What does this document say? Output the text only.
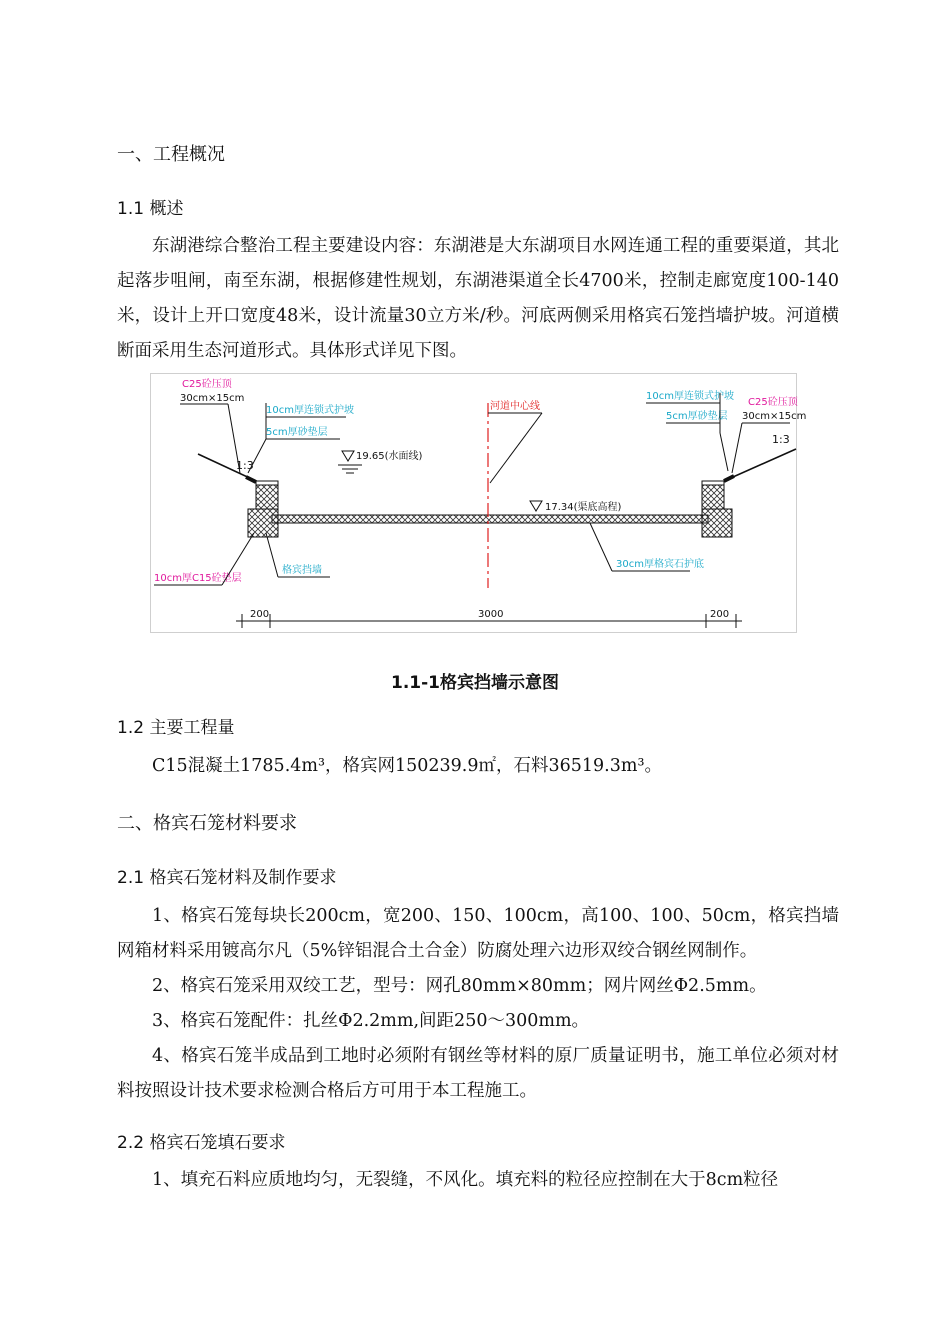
一、工程概况
1.1 概述

东湖港综合整治工程主要建设内容：东湖港是大东湖项目水网连通工程的重要渠道，其北起落步咀闸，南至东湖，根据修建性规划，东湖港渠道全长4700米，控制走廊宽度100-140米，设计上开口宽度48米，设计流量30立方米/秒。河底两侧采用格宾石笼挡墙护坡。河道横断面采用生态河道形式。具体形式详见下图。

19.65(水面线)
17.34(渠底高程)
C25砼压顶
30cm×15cm
10cm厚连锁式护坡
5cm厚砂垫层
1:3
河道中心线
10cm厚连锁式护坡
5cm厚砂垫层
C25砼压顶
30cm×15cm
1:3
10cm厚C15砼垫层
格宾挡墙
30cm厚格宾石护底
200	3000	200
1.1-1格宾挡墙示意图
1.2 主要工程量

C15混凝土1785.4m³，格宾网150239.9㎡，石料36519.3m³。

二、格宾石笼材料要求
2.1 格宾石笼材料及制作要求

1、格宾石笼每块长200cm，宽200、150、100cm，高100、100、50cm，格宾挡墙网箱材料采用镀高尔凡（5%锌铝混合土合金）防腐处理六边形双绞合钢丝网制作。

2、格宾石笼采用双绞工艺，型号：网孔80mm×80mm；网片网丝Φ2.5mm。

3、格宾石笼配件：扎丝Φ2.2mm,间距250～300mm。

4、格宾石笼半成品到工地时必须附有钢丝等材料的原厂质量证明书，施工单位必须对材料按照设计技术要求检测合格后方可用于本工程施工。

2.2 格宾石笼填石要求

1、填充石料应质地均匀，无裂缝，不风化。填充料的粒径应控制在大于8cm粒径
